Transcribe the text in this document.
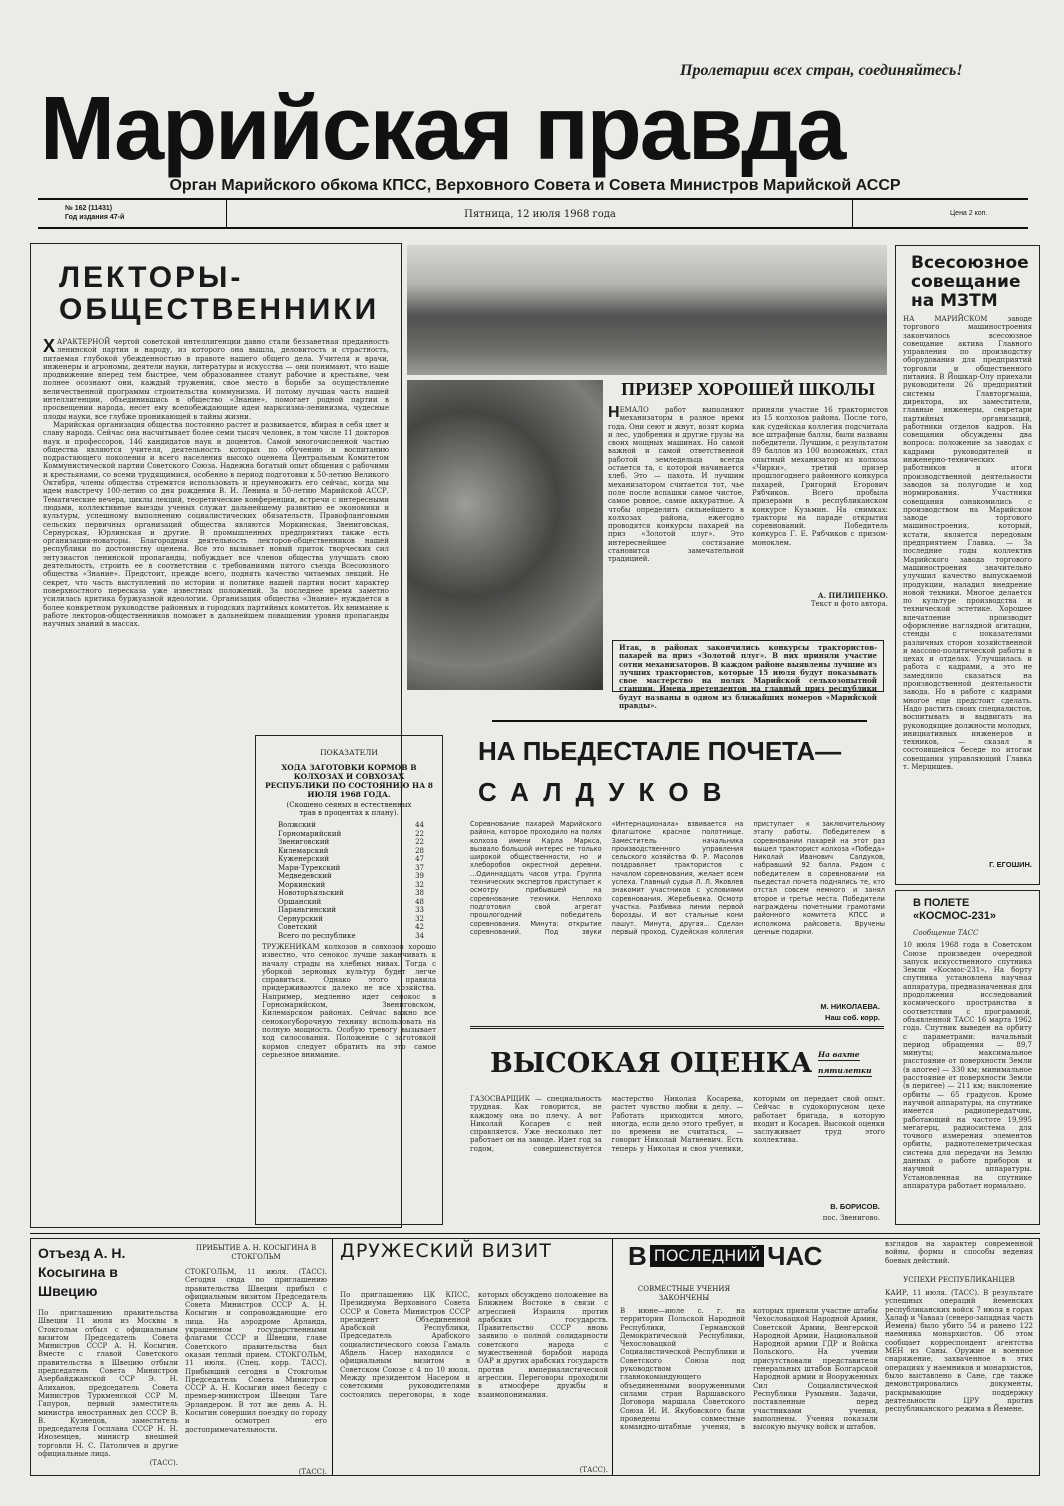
Пролетарии всех стран, соединяйтесь!
Марийская правда
Орган Марийского обкома КПСС, Верховного Совета и Совета Министров Марийской АССР
№ 162 (11431)
Год издания 47-й	Пятница, 12 июля 1968 года	Цена 2 коп.
ЛЕКТОРЫ-ОБЩЕСТВЕННИКИ

ХАРАКТЕРНОЙ чертой советской интеллигенции давно стали беззаветная преданность ленинской партии и народу, из которого она вышла, деловитость и страстность, питаемая глубокой убежденностью в правоте нашего общего дела. Учителя и врачи, инженеры и агрономы, деятели науки, литературы и искусства — они понимают, что наше продвижение вперед тем быстрее, чем образованнее станут рабочие и крестьяне, чем полнее осознают они, каждый труженик, свое место в борьбе за осуществление величественной программы строительства коммунизма. И потому лучшая часть нашей интеллигенции, объединившись в общество «Знание», помогает родной партии в просвещении народа, несет ему всепобеждающие идеи марксизма-ленинизма, чудесные плоды науки, все глубже проникающей в тайны жизни.

Марийская организация общества постоянно растет и развивается, вбирая в себя цвет и славу народа. Сейчас она насчитывает более семи тысяч человек, в том числе 11 докторов наук и профессоров, 146 кандидатов наук и доцентов. Самой многочисленной частью общества являются учителя, деятельность которых по обучению и воспитанию подрастающего поколения и всего населения высоко оценена Центральным Комитетом Коммунистической партии Советского Союза. Надежна богатый опыт общения с рабочими и крестьянами, со всеми трудящимися, особенно в период подготовки к 50-летию Великого Октября, члены общества стремятся использовать и преумножить его сейчас, когда мы идем навстречу 100-летию со дня рождения В. И. Ленина и 50-летию Марийской АССР. Тематические вечера, циклы лекций, теоретические конференции, встречи с интересными людьми, коллективные выезды ученых служат дальнейшему развитию ее экономики и культуры, успешному выполнению социалистических обязательств. Правофланговыми сельских первичных организаций общества являются Моркинская, Звениговская, Сернурская, Юрлинская и другие. В промышленных предприятиях также есть организации-новаторы. Благородная деятельность лекторов-общественников нашей республики по достоинству оценена. Все это вызывает новый приток творческих сил энтузиастов ленинской пропаганды, побуждает все членов общества улучшать свою деятельность, строить ее в соответствии с требованиями пятого съезда Всесоюзного общества «Знание». Предстоит, прежде всего, поднять качество читаемых лекций. Не секрет, что часть выступлений по истории и политике нашей партии носит характер поверхностного пересказа уже известных положений. За последнее время заметно усилилась критика буржуазной идеологии. Организация общества «Знание» нуждается в более конкретном руководстве районных и городских партийных комитетов. Их внимание к работе лекторов-общественников поможет в дальнейшем повышении уровня пропаганды научных знаний в массах.

ПРИЗЕР ХОРОШЕЙ ШКОЛЫ

НЕМАЛО работ выполняют механизаторы в разное время года. Они сеют и жнут, возят корма и лес, удобрения и другие грузы на своих мощных машинах. Но самой важной и самой ответственной работой земледельца всегда остается та, с которой начинается хлеб. Это — пахота. И лучшим механизатором считается тот, чье поле после вспашки самое чистое, самое ровное, самое аккуратное. А чтобы определить сильнейшего в колхозах района, ежегодно проводятся конкурсы пахарей на приз «Золотой плуг». Это интереснейшее состязание становится замечательной традицией.

приняли участие 16 трактористов из 15 колхозов района. После того, как судейская коллегия подсчитала все штрафные баллы, были названы победители. Лучшим, с результатом 89 баллов из 100 возможных, стал опытный механизатор из колхоза «Чирки», третий призер прошлогоднего районного конкурса пахарей, Григорий Егорович Рябчиков. Всего пробыла призерами в республиканском конкурсе Кузьмин. На снимках: тракторы на параде открытия соревнований. Победитель конкурса Г. Е. Рябчиков с призом-моноклем.
А. ПИЛИПЕНКО.
Текст и фото автора.
Итак, в районах закончились конкурсы трактористов-пахарей на приз «Золотой плуг». В них приняли участие сотни механизаторов. В каждом районе выявлены лучшие из лучших трактористов, которые 15 июля будут показывать свое мастерство на полях Марийской сельхозопытной станции. Имена претендентов на главный приз республики будут названы в одном из ближайших номеров «Марийской правды».
ПОКАЗАТЕЛИ
ХОДА ЗАГОТОВКИ КОРМОВ В КОЛХОЗАХ И СОВХОЗАХ РЕСПУБЛИКИ ПО СОСТОЯНИЮ НА 8 ИЮЛЯ 1968 ГОДА.
(Скошено сеяных и естественных трав в процентах к плану).
Волжский	44
Горномарийский	22
Звениговский	22
Килемарский	28
Куженерский	47
Мари-Турекский	37
Медведевский	39
Моркинский	32
Новоторъяльский	38
Оршанский	48
Параньгинский	33
Сернурский	32
Советский	42
Всего по республике	34
ТРУЖЕНИКАМ колхозов и совхозов хорошо известно, что сенокос лучше заканчивать к началу страды на хлебных нивах. Тогда с уборкой зерновых культур будет легче справиться. Однако этого правила придерживаются далеко не все хозяйства. Например, медленно идет сенокос в Горномарийском, Звениговском, Килемарском районах. Сейчас важно все сенокосуборочную технику использовать на полную мощность. Особую тревогу вызывает ход силосования. Положение с заготовкой кормов следует обратить на это самое серьезное внимание.
НА ПЬЕДЕСТАЛЕ ПОЧЕТА—
САЛДУКОВ
Соревнование пахарей Марийского района, которое проходило на полях колхоза имени Карла Маркса, вызвало большой интерес не только широкой общественности, но и хлеборобов окрестной деревни. ...Одиннадцать часов утра. Группа технических экспертов приступает к осмотру прибывшей на соревнование техники. Неплохо подготовил свой агрегат прошлогодний победитель соревнования. Минута: открытие соревнований. Под звуки «Интернационала» взвивается на флагштоке красное полотнище. Заместитель начальника производственного управления сельского хозяйства Ф. Р. Масолов поздравляет трактористов с началом соревнования, желает всем успеха. Главный судья Л. Л. Яковлев знакомит участников с условиями соревнования. Жеребьевка. Осмотр участка. Разбивка линии первой борозды. И вот стальные кони пашут. Минута, другая... Сделан первый проход. Судейская коллегия приступает к заключительному этапу работы. Победителем в соревновании пахарей на этот раз вышел тракторист колхоза «Победа» Николай Иванович Салдуков, набравший 92 балла. Рядом с победителем в соревновании на пьедестал почета поднялись те, кто отстал совсем немного и занял второе и третье места. Победители награждены почетными грамотами районного комитета КПСС и исполкома райсовета. Вручены ценные подарки.
М. НИКОЛАЕВА.
Наш соб. корр.
ВЫСОКАЯ ОЦЕНКА На вахте
пятилетки
ГАЗОСВАРЩИК — специальность трудная. Как говорится, не каждому она по плечу. А вот Николай Косарев с ней справляется. Уже несколько лет работает он на заводе. Идет год за годом, совершенствуется мастерство Николая Косарева, растет чувство любви к делу. — Работать приходится много, иногда, если дело этого требует, и по времени не считаться, — говорит Николай Матвеевич. Есть теперь у Николая и своя ученики, которым он передает свой опыт. Сейчас в судокорпусном цехе работает бригада, в которую входит и Косарев. Высокой оценки заслуживает труд этого коллектива.
В. БОРИСОВ.
пос. Звенигово.
Всесоюзное совещание на МЗТМ
НА МАРИЙСКОМ заводе торгового машиностроения закончилось всесоюзное совещание актива Главного управления по производству оборудования для предприятий торговли и общественного питания. В Йошкар-Олу приехали руководители 26 предприятий системы Главторгмаша, директора, их заместители, главные инженеры, секретари партийных организаций, работники отделов кадров. На совещании обсуждены два вопроса: положение за заводах с кадрами руководителей и инженерно-технических работников и итоги производственной деятельности заводов за полугодие и ход нормирования. Участники совещания ознакомились с производством на Марийском заводе торгового машиностроения, который, кстати, является передовым предприятием Главка. — За последние годы коллектив Марийского завода торгового машиностроения значительно улучшил качество выпускаемой продукции, наладил внедрение новой техники. Многое делается по культуре производства и технической эстетике. Хорошее впечатление производит оформление наглядной агитации, стенды с показателями различных сторон хозяйственной и массово-политической работы в цехах и отделах. Улучшилась и работа с кадрами, а это не замедлило сказаться на производственной деятельности завода. Но в работе с кадрами многое еще предстоит сделать. Надо растить своих специалистов, воспитывать и выдвигать на руководящие должности молодых, инициативных инженеров и техников, — сказал в состоявшейся беседе по итогам совещания управляющий Главка т. Мерцишев.
Г. ЕГОШИН.
В ПОЛЕТЕ
«КОСМОС-231»
Сообщение ТАСС
10 июля 1968 года в Советском Союзе произведен очередной запуск искусственного спутника Земли «Космос-231». На борту спутника установлена научная аппаратура, предназначенная для продолжения исследований космического пространства в соответствии с программой, объявленной ТАСС 16 марта 1962 года. Спутник выведен на орбиту с параметрами: начальный период обращения — 89,7 минуты; максимальное расстояние от поверхности Земли (в апогее) — 330 км; минимальное расстояние от поверхности Земли (в перигее) — 211 км; наклонение орбиты — 65 градусов. Кроме научной аппаратуры, на спутнике имеется радиопередатчик, работающий на частоте 19,995 мегагерц, радиосистема для точного измерения элементов орбиты, радиотелеметрическая система для передачи на Землю данных о работе приборов и научной аппаратуры. Установленная на спутнике аппаратура работает нормально.
Отъезд А. Н. Косыгина в Швецию
По приглашению правительства Швеции 11 июля из Москвы в Стокгольм отбыл с официальным визитом Председатель Совета Министров СССР А. Н. Косыгин. Вместе с главой Советского правительства в Швецию отбыли председатель Совета Министров Азербайджанской ССР Э. Н. Алиханов, председатель Совета Министров Туркменской ССР М. Гапуров, первый заместитель министра иностранных дел СССР В. В. Кузнецов, заместитель председателя Госплана СССР Н. Н. Иноземцев, министр внешней торговли Н. С. Патоличев и другие официальные лица.
(ТАСС).
ПРИБЫТИЕ А. Н. КОСЫГИНА В СТОКГОЛЬМ
СТОКГОЛЬМ, 11 июля. (ТАСС). Сегодня сюда по приглашению правительства Швеции прибыл с официальным визитом Председатель Совета Министров СССР А. Н. Косыгин и сопровождающие его лица. На аэродроме Арланда, украшенном государственными флагами СССР и Швеции, главе Советского правительства был оказан теплый прием. СТОКГОЛЬМ, 11 июля. (Спец. корр. ТАСС). Прибывший сегодня в Стокгольм Председатель Совета Министров СССР А. Н. Косыгин имел беседу с премьер-министром Швеции Таге Эрландером. В тот же день А. Н. Косыгин совершил поездку по городу и осмотрел его достопримечательности.
(ТАСС).
ДРУЖЕСКИЙ ВИЗИТ
По приглашению ЦК КПСС, Президиума Верховного Совета СССР и Совета Министров СССР президент Объединенной Арабской Республики, Председатель Арабского социалистического союза Гамаль Абдель Насер находился с официальным визитом в Советском Союзе с 4 по 10 июля. Между президентом Насером и советскими руководителями состоялись переговоры, в ходе которых обсуждено положение на Ближнем Востоке в связи с агрессией Израиля против арабских государств. Правительство СССР вновь заявило о полной солидарности советского народа с мужественной борьбой народа ОАР и других арабских государств против империалистической агрессии. Переговоры проходили в атмосфере дружбы и взаимопонимания.
(ТАСС).
В ПОСЛЕДНИЙ ЧАС
СОВМЕСТНЫЕ УЧЕНИЯ ЗАКОНЧЕНЫ
В июне—июле с. г. на территории Польской Народной Республики, Германской Демократической Республики, Чехословацкой Социалистической Республики и Советского Союза под руководством главнокомандующего объединенными вооруженными силами стран Варшавского Договора маршала Советского Союза И. И. Якубовского были проведены совместные командно-штабные учения, в которых приняли участие штабы Чехословацкой Народной Армии, Советской Армии, Венгерской Народной Армии, Национальной Народной армии ГДР и Войска Польского. На учении присутствовали представители генеральных штабов Болгарской Народной армии и Вооруженных Сил Социалистической Республики Румынии. Задачи, поставленные перед участниками учения, выполнены. Учения показали высокую выучку войск и штабов.
взглядов на характер современной войны, формы и способы ведения боевых действий.
УСПЕХИ РЕСПУБЛИКАНЦЕВ
КАИР, 11 июля. (ТАСС). В результате успешных операций йеменских республиканских войск 7 июля в горах Халаф и Чавааз (северо-западная часть Йемена) было убито 54 и ранено 122 наемника монархистов. Об этом сообщает корреспондент агентства МЕН из Саны. Оружие и военное снаряжение, захваченное в этих операциях у наемников и монархистов, было выставлено в Сане, где также демонстрировались документы, раскрывающие поддержку деятельности ЦРУ против республиканского режима в Йемене.
